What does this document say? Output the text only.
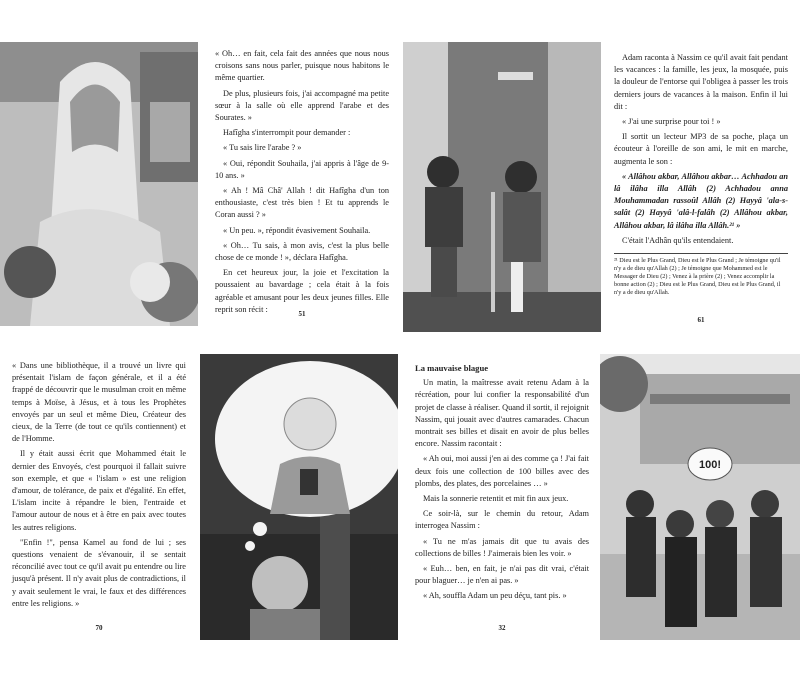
« Oh… en fait, cela fait des années que nous nous croisons sans nous parler, puisque nous habitons le même quartier.

De plus, plusieurs fois, j'ai accompagné ma petite sœur à la salle où elle apprend l'arabe et des Sourates. »

Hafîgha s'interrompit pour demander :

« Tu sais lire l'arabe ? »

« Oui, répondit Souhaila, j'ai appris à l'âge de 9-10 ans. »

« Ah ! Mâ Châ' Allah ! dit Hafîgha d'un ton enthousiaste, c'est très bien ! Et tu apprends le Coran aussi ? »

« Un peu. », répondit évasivement Souhaila.

« Oh… Tu sais, à mon avis, c'est la plus belle chose de ce monde ! », déclara Hafîgha.

En cet heureux jour, la joie et l'excitation la poussaient au bavardage ; cela était à la fois agréable et amusant pour les deux jeunes filles. Elle reprit son récit :	51

Adam raconta à Nassim ce qu'il avait fait pendant les vacances : la famille, les jeux, la mosquée, puis la douleur de l'entorse qui l'obligea à passer les trois derniers jours de vacances à la maison. Enfin il lui dit :

« J'ai une surprise pour toi ! »

Il sortit un lecteur MP3 de sa poche, plaça un écouteur à l'oreille de son ami, le mit en marche, augmenta le son :

« Allâhou akbar, Allâhou akbar… Achhadou an lâ ilâha illa Allâh (2) Achhadou anna Mouhammadan rassoûl Allâh (2) Hayyâ 'ala-s-salât (2) Hayyâ 'alâ-l-falâh (2) Allâhou akbar, Allâhou akbar, lâ ilâha illa Allâh.²¹ »

C'était l'Adhân qu'ils entendaient.

²¹ Dieu est le Plus Grand, Dieu est le Plus Grand ; Je témoigne qu'il n'y a de dieu qu'Allah (2) ; Je témoigne que Mohammed est le Messager de Dieu (2) ; Venez à la prière (2) ; Venez accomplir la bonne action (2) ; Dieu est le Plus Grand, Dieu est le Plus Grand, il n'y a de dieu qu'Allah.
61

« Dans une bibliothèque, il a trouvé un livre qui présentait l'islam de façon générale, et il a été frappé de découvrir que le musulman croit en même temps à Moïse, à Jésus, et à tous les Prophètes envoyés par un seul et même Dieu, Créateur des cieux, de la Terre (de tout ce qu'ils contiennent) et de l'Homme.

Il y était aussi écrit que Mohammed était le dernier des Envoyés, c'est pourquoi il fallait suivre son exemple, et que « l'islam » est une religion d'amour, de tolérance, de paix et d'égalité. En effet, L'islam incite à répandre le bien, l'entraide et l'amour autour de nous et à être en paix avec toutes les autres religions.

"Enfin !", pensa Kamel au fond de lui ; ses questions venaient de s'évanouir, il se sentait réconcilié avec tout ce qu'il avait pu entendre ou lire jusqu'à présent. Il n'y avait plus de contradictions, il y avait seulement le vrai, le faux et des différences entre les religions. »

70

La mauvaise blague

Un matin, la maîtresse avait retenu Adam à la récréation, pour lui confier la responsabilité d'un projet de classe à réaliser. Quand il sortit, il rejoignit Nassim, qui jouait avec d'autres camarades. Chacun montrait ses billes et disait en avoir de plus belles encore. Nassim racontait :

« Ah oui, moi aussi j'en ai des comme ça ! J'ai fait deux fois une collection de 100 billes avec des plombs, des plates, des porcelaines … »

Mais la sonnerie retentit et mit fin aux jeux.

Ce soir-là, sur le chemin du retour, Adam interrogea Nassim :

« Tu ne m'as jamais dit que tu avais des collections de billes ! J'aimerais bien les voir. »

« Euh… ben, en fait, je n'ai pas dit vrai, c'était pour blaguer… je n'en ai pas. »

« Ah, souffla Adam un peu déçu, tant pis. »

32
100!
